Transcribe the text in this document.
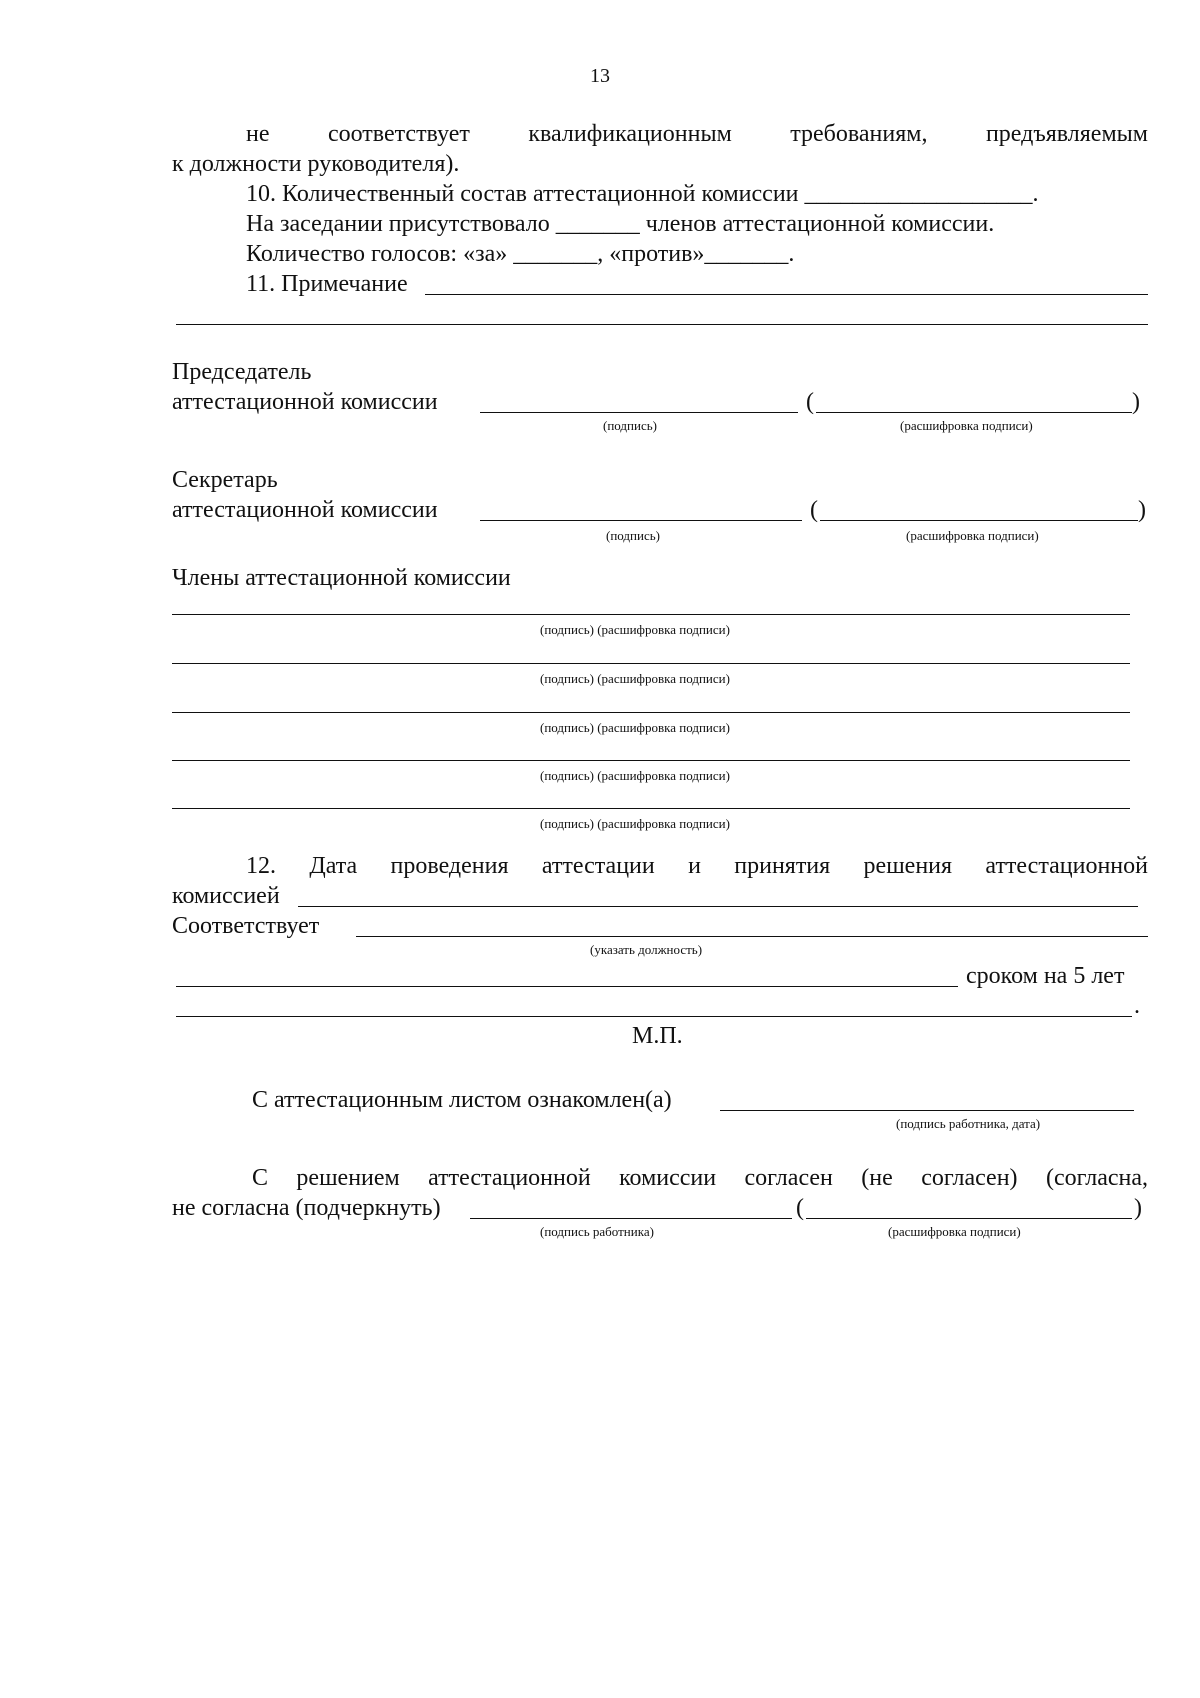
13
не соответствует квалификационным требованиям, предъявляемым
к должности руководителя).
10. Количественный состав аттестационной комиссии ___________________.
На заседании присутствовало _______ членов аттестационной комиссии.
Количество голосов: «за» _______, «против»_______.
11. Примечание
Председатель
аттестационной комиссии	(	)
(подпись)	(расшифровка подписи)
Секретарь
аттестационной комиссии	(	)
(подпись)	(расшифровка подписи)
Члены аттестационной комиссии
(подпись) (расшифровка подписи)
(подпись) (расшифровка подписи)
(подпись) (расшифровка подписи)
(подпись) (расшифровка подписи)
(подпись) (расшифровка подписи)
12. Дата проведения аттестации и принятия решения аттестационной
комиссией
Соответствует
(указать должность)
сроком на 5 лет
.
М.П.
С аттестационным листом ознакомлен(а)
(подпись работника, дата)
С решением аттестационной комиссии согласен (не согласен) (согласна,
не согласна (подчеркнуть)	(	)
(подпись работника)	(расшифровка подписи)
